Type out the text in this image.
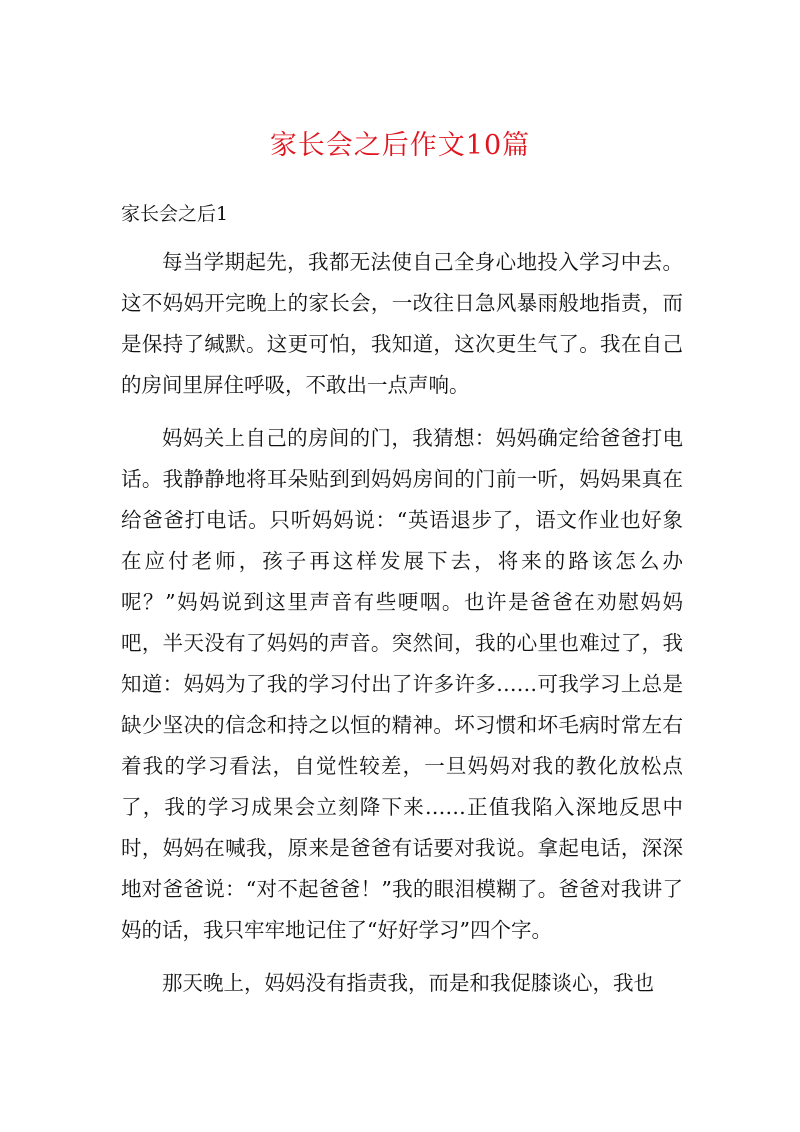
家长会之后作文10篇
家长会之后1

每当学期起先，我都无法使自己全身心地投入学习中去。这不妈妈开完晚上的家长会，一改往日急风暴雨般地指责，而是保持了缄默。这更可怕，我知道，这次更生气了。我在自己的房间里屏住呼吸，不敢出一点声响。

妈妈关上自己的房间的门，我猜想：妈妈确定给爸爸打电话。我静静地将耳朵贴到到妈妈房间的门前一听，妈妈果真在给爸爸打电话。只听妈妈说：“英语退步了，语文作业也好象在应付老师，孩子再这样发展下去，将来的路该怎么办呢？”妈妈说到这里声音有些哽咽。也许是爸爸在劝慰妈妈吧，半天没有了妈妈的声音。突然间，我的心里也难过了，我知道：妈妈为了我的学习付出了许多许多……可我学习上总是缺少坚决的信念和持之以恒的精神。坏习惯和坏毛病时常左右着我的学习看法，自觉性较差，一旦妈妈对我的教化放松点了，我的学习成果会立刻降下来……正值我陷入深地反思中时，妈妈在喊我，原来是爸爸有话要对我说。拿起电话，深深地对爸爸说：“对不起爸爸！”我的眼泪模糊了。爸爸对我讲了妈的话，我只牢牢地记住了“好好学习”四个字。

那天晚上，妈妈没有指责我，而是和我促膝谈心，我也
